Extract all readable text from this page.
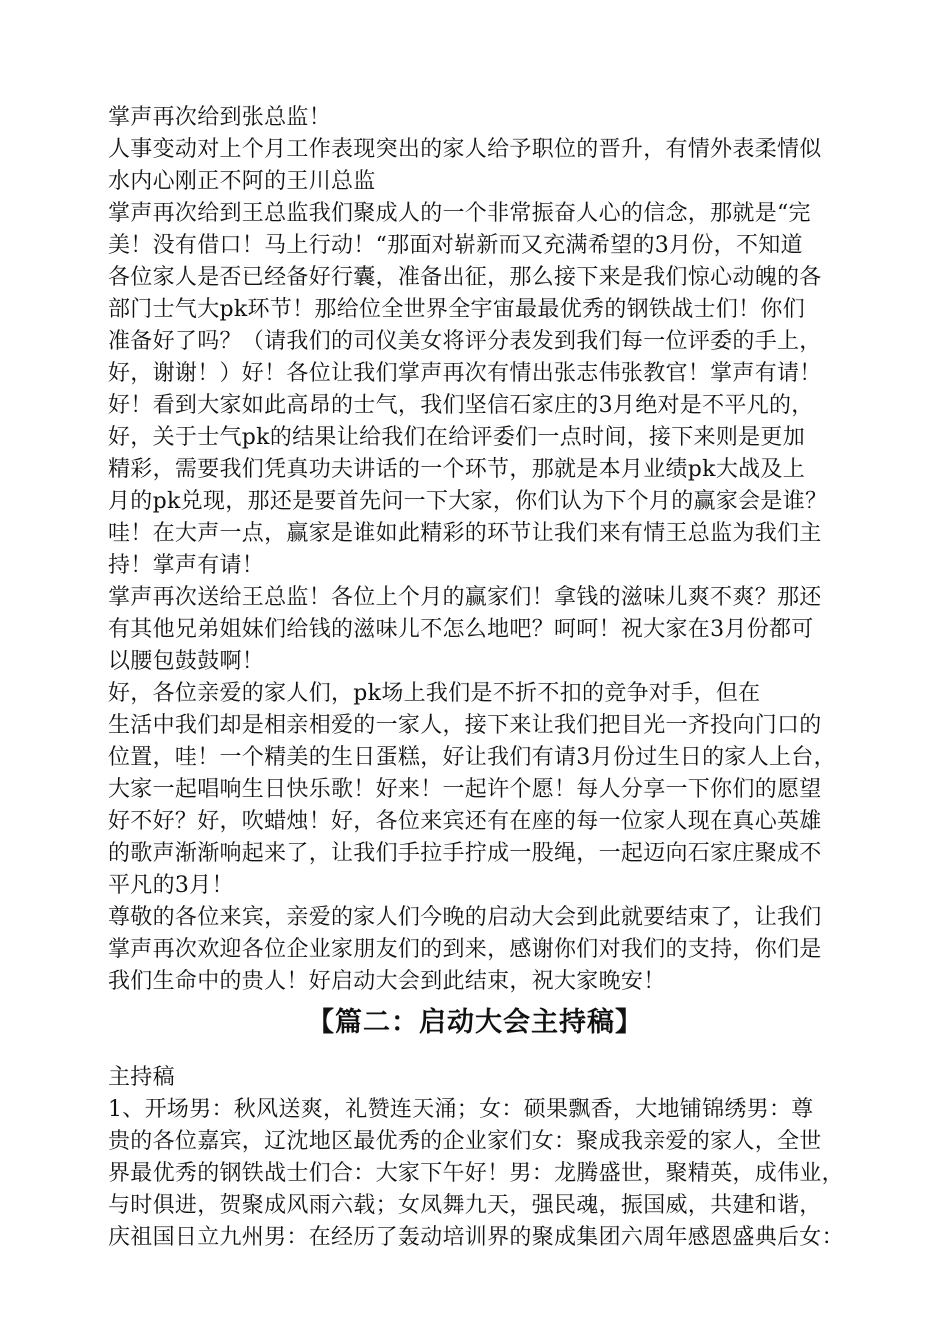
掌声再次给到张总监！

人事变动对上个月工作表现突出的家人给予职位的晋升，有情外表柔情似

水内心刚正不阿的王川总监

掌声再次给到王总监我们聚成人的一个非常振奋人心的信念，那就是“完

美！没有借口！马上行动！“那面对崭新而又充满希望的3月份，不知道

各位家人是否已经备好行囊，准备出征，那么接下来是我们惊心动魄的各

部门士气大pk环节！那给位全世界全宇宙最最优秀的钢铁战士们！你们

准备好了吗？（请我们的司仪美女将评分表发到我们每一位评委的手上，

好，谢谢！）好！各位让我们掌声再次有情出张志伟张教官！掌声有请！

好！看到大家如此高昂的士气，我们坚信石家庄的3月绝对是不平凡的，

好，关于士气pk的结果让给我们在给评委们一点时间，接下来则是更加

精彩，需要我们凭真功夫讲话的一个环节，那就是本月业绩pk大战及上

月的pk兑现，那还是要首先问一下大家，你们认为下个月的赢家会是谁？

哇！在大声一点，赢家是谁如此精彩的环节让我们来有情王总监为我们主

持！掌声有请！

掌声再次送给王总监！各位上个月的赢家们！拿钱的滋味儿爽不爽？那还

有其他兄弟姐妹们给钱的滋味儿不怎么地吧？呵呵！祝大家在3月份都可

以腰包鼓鼓啊！

好，各位亲爱的家人们，pk场上我们是不折不扣的竞争对手，但在

生活中我们却是相亲相爱的一家人，接下来让我们把目光一齐投向门口的

位置，哇！一个精美的生日蛋糕，好让我们有请3月份过生日的家人上台，

大家一起唱响生日快乐歌！好来！一起许个愿！每人分享一下你们的愿望

好不好？好，吹蜡烛！好，各位来宾还有在座的每一位家人现在真心英雄

的歌声渐渐响起来了，让我们手拉手拧成一股绳，一起迈向石家庄聚成不

平凡的3月！

尊敬的各位来宾，亲爱的家人们今晚的启动大会到此就要结束了，让我们

掌声再次欢迎各位企业家朋友们的到来，感谢你们对我们的支持，你们是

我们生命中的贵人！好启动大会到此结束，祝大家晚安！

【篇二：启动大会主持稿】

主持稿

1、开场男：秋风送爽，礼赞连天涌；女：硕果飘香，大地铺锦绣男：尊

贵的各位嘉宾，辽沈地区最优秀的企业家们女：聚成我亲爱的家人，全世

界最优秀的钢铁战士们合：大家下午好！男：龙腾盛世，聚精英，成伟业，

与时俱进，贺聚成风雨六载；女凤舞九天，强民魂，振国威，共建和谐，

庆祖国日立九州男：在经历了轰动培训界的聚成集团六周年感恩盛典后女：
